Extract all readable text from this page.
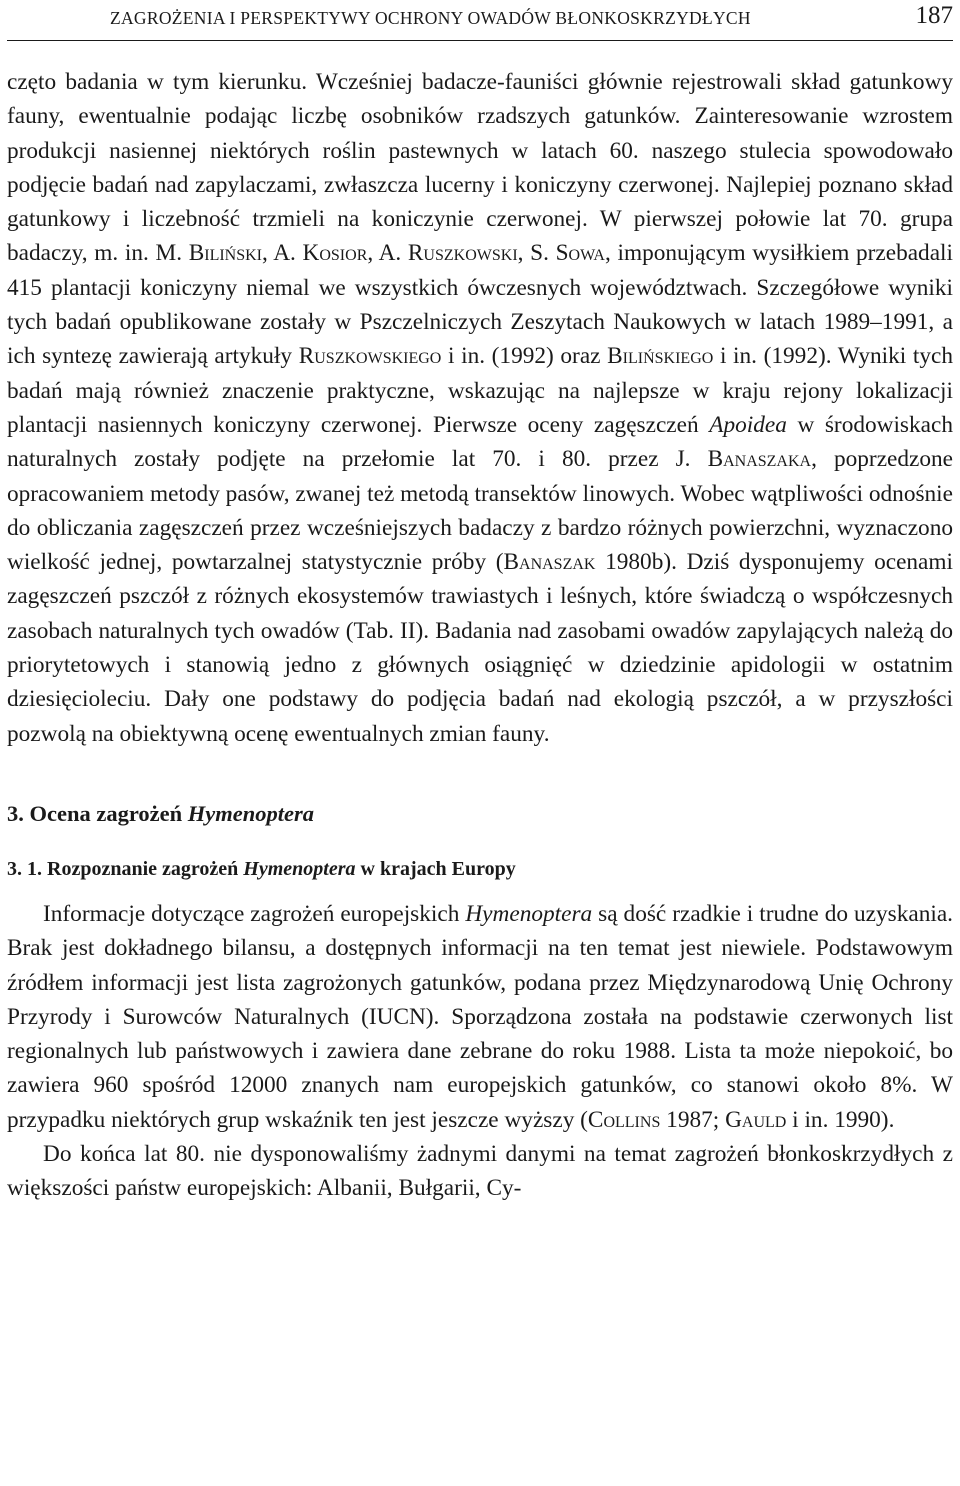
ZAGROŻENIA I PERSPEKTYWY OCHRONY OWADÓW BŁONKOSKRZYDŁYCH	187

częto badania w tym kierunku. Wcześniej badacze-fauniści głównie rejestrowali skład gatunkowy fauny, ewentualnie podając liczbę osobników rzadszych gatunków. Zainteresowanie wzrostem produkcji nasiennej niektórych roślin pastewnych w latach 60. naszego stulecia spowodowało podjęcie badań nad zapylaczami, zwłaszcza lucerny i koniczyny czerwonej. Najlepiej poznano skład gatunkowy i liczebność trzmieli na koniczynie czerwonej. W pierwszej połowie lat 70. grupa badaczy, m. in. M. Biliński, A. Kosior, A. Ruszkowski, S. Sowa, imponującym wysiłkiem przebadali 415 plantacji koniczyny niemal we wszystkich ówczesnych województwach. Szczegółowe wyniki tych badań opublikowane zostały w Pszczelniczych Zeszytach Naukowych w latach 1989–1991, a ich syntezę zawierają artykuły Ruszkowskiego i in. (1992) oraz Bilińskiego i in. (1992). Wyniki tych badań mają również znaczenie praktyczne, wskazując na najlepsze w kraju rejony lokalizacji plantacji nasiennych koniczyny czerwonej. Pierwsze oceny zagęszczeń Apoidea w środowiskach naturalnych zostały podjęte na przełomie lat 70. i 80. przez J. Banaszaka, poprzedzone opracowaniem metody pasów, zwanej też metodą transektów linowych. Wobec wątpliwości odnośnie do obliczania zagęszczeń przez wcześniejszych badaczy z bardzo różnych powierzchni, wyznaczono wielkość jednej, powtarzalnej statystycznie próby (Banaszak 1980b). Dziś dysponujemy ocenami zagęszczeń pszczół z różnych ekosystemów trawiastych i leśnych, które świadczą o współczesnych zasobach naturalnych tych owadów (Tab. II). Badania nad zasobami owadów zapylających należą do priorytetowych i stanowią jedno z głównych osiągnięć w dziedzinie apidologii w ostatnim dziesięcioleciu. Dały one podstawy do podjęcia badań nad ekologią pszczół, a w przyszłości pozwolą na obiektywną ocenę ewentualnych zmian fauny.

3. Ocena zagrożeń Hymenoptera
3. 1. Rozpoznanie zagrożeń Hymenoptera w krajach Europy

Informacje dotyczące zagrożeń europejskich Hymenoptera są dość rzadkie i trudne do uzyskania. Brak jest dokładnego bilansu, a dostępnych informacji na ten temat jest niewiele. Podstawowym źródłem informacji jest lista zagrożonych gatunków, podana przez Międzynarodową Unię Ochrony Przyrody i Surowców Naturalnych (IUCN). Sporządzona została na podstawie czerwonych list regionalnych lub państwowych i zawiera dane zebrane do roku 1988. Lista ta może niepokoić, bo zawiera 960 spośród 12000 znanych nam europejskich gatunków, co stanowi około 8%. W przypadku niektórych grup wskaźnik ten jest jeszcze wyższy (Collins 1987; Gauld i in. 1990).

Do końca lat 80. nie dysponowaliśmy żadnymi danymi na temat zagrożeń błonkoskrzydłych z większości państw europejskich: Albanii, Bułgarii, Cy-
